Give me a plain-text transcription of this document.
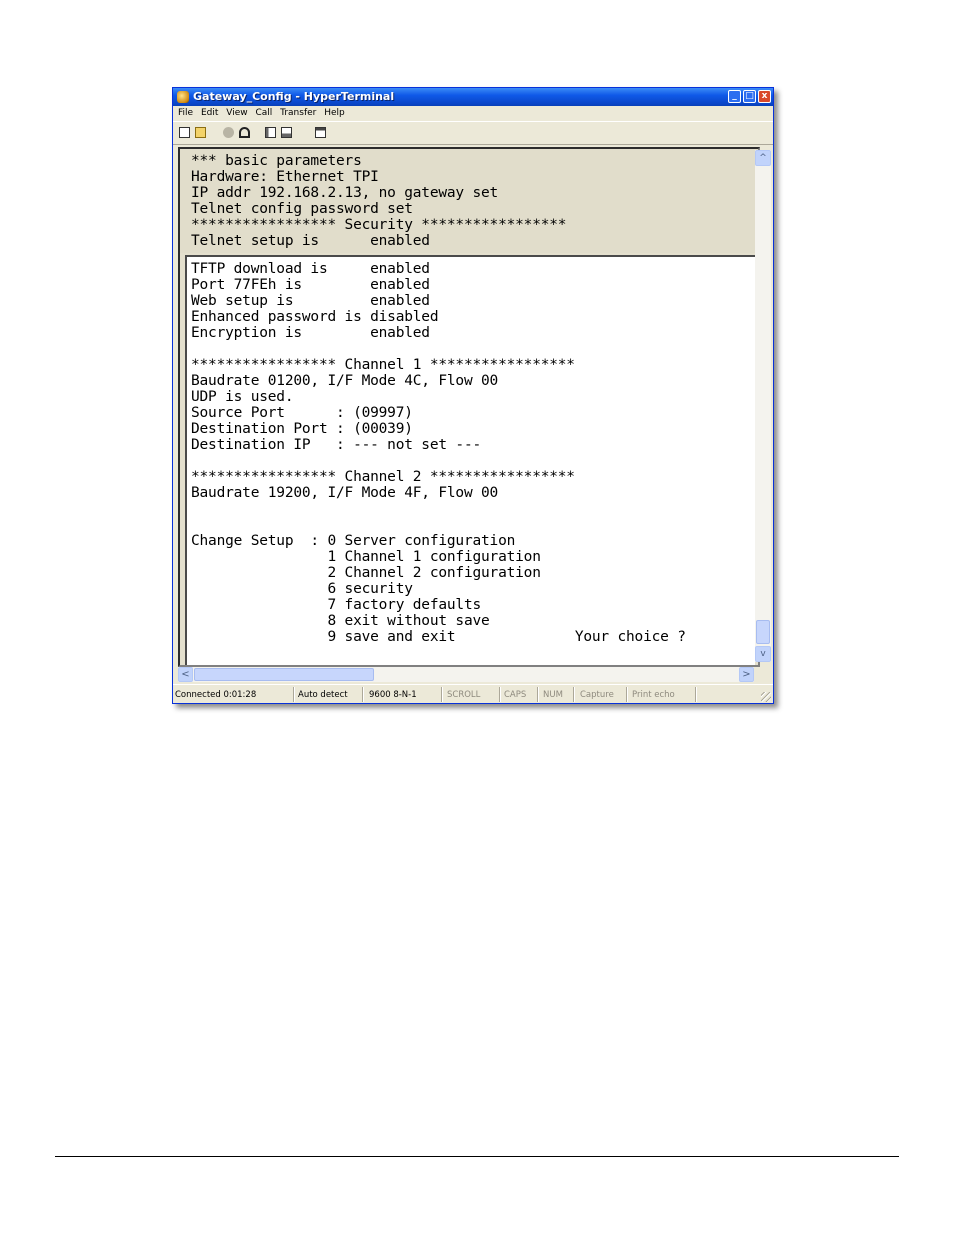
Gateway_Config - HyperTerminal	_ □ x
File Edit View Call Transfer Help
*** basic parameters
Hardware: Ethernet TPI
IP addr 192.168.2.13, no gateway set
Telnet config password set
***************** Security *****************
Telnet setup is      enabled
TFTP download is     enabled
Port 77FEh is        enabled
Web setup is         enabled
Enhanced password is disabled
Encryption is        enabled
***************** Channel 1 *****************
Baudrate 01200, I/F Mode 4C, Flow 00
UDP is used.
Source Port      : (09997)
Destination Port : (00039)
Destination IP   : --- not set ---
***************** Channel 2 *****************
Baudrate 19200, I/F Mode 4F, Flow 00
Change Setup  : 0 Server configuration
1 Channel 1 configuration
2 Channel 2 configuration
6 security
7 factory defaults
8 exit without save
9 save and exit              Your choice ?
^
v
<	>
Connected 0:01:28	Auto detect	9600 8-N-1	SCROLL	CAPS NUM Capture Print echo
